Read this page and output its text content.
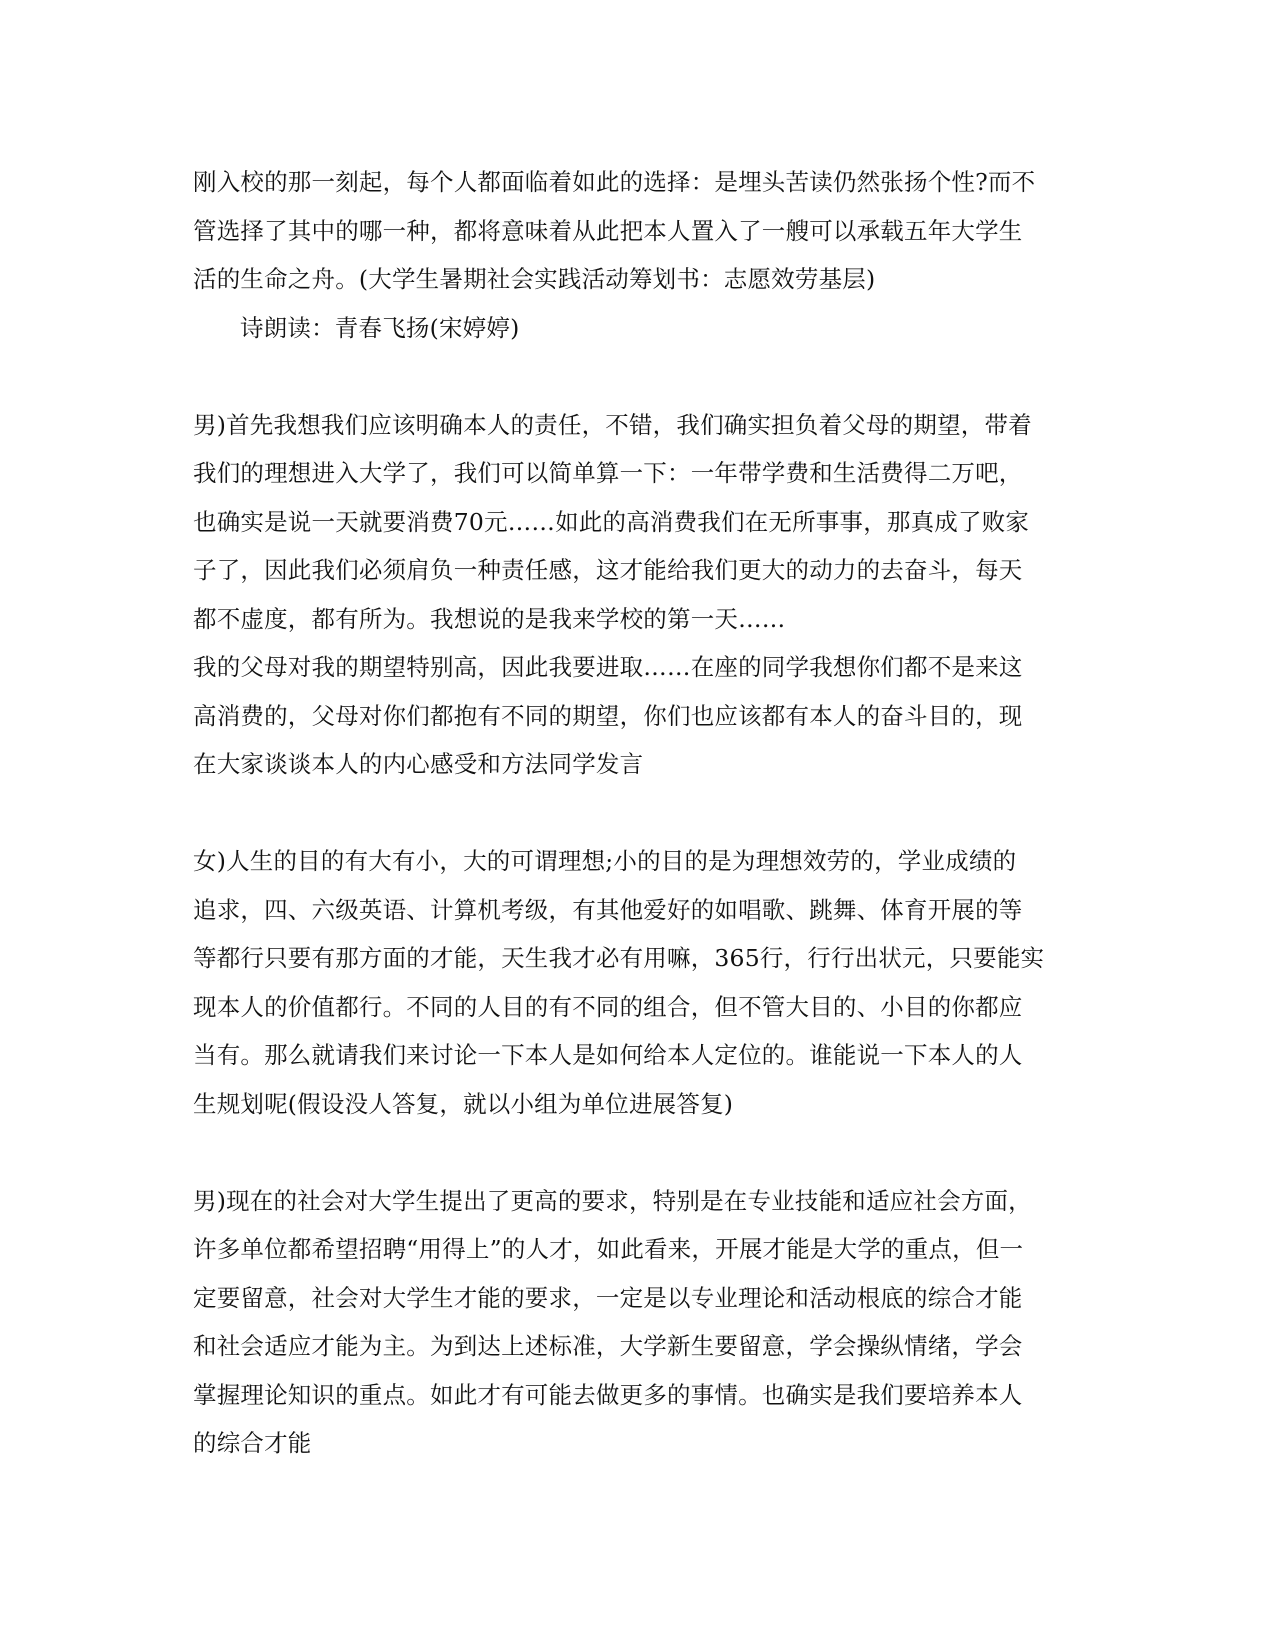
刚入校的那一刻起，每个人都面临着如此的选择：是埋头苦读仍然张扬个性?而不
管选择了其中的哪一种，都将意味着从此把本人置入了一艘可以承载五年大学生
活的生命之舟。(大学生暑期社会实践活动筹划书：志愿效劳基层)

诗朗读：青春飞扬(宋婷婷)

男)首先我想我们应该明确本人的责任，不错，我们确实担负着父母的期望，带着
我们的理想进入大学了，我们可以简单算一下：一年带学费和生活费得二万吧，
也确实是说一天就要消费70元……如此的高消费我们在无所事事，那真成了败家
子了，因此我们必须肩负一种责任感，这才能给我们更大的动力的去奋斗，每天
都不虚度，都有所为。我想说的是我来学校的第一天……
我的父母对我的期望特别高，因此我要进取……在座的同学我想你们都不是来这
高消费的，父母对你们都抱有不同的期望，你们也应该都有本人的奋斗目的，现
在大家谈谈本人的内心感受和方法同学发言

女)人生的目的有大有小，大的可谓理想;小的目的是为理想效劳的，学业成绩的
追求，四、六级英语、计算机考级，有其他爱好的如唱歌、跳舞、体育开展的等
等都行只要有那方面的才能，天生我才必有用嘛，365行，行行出状元，只要能实
现本人的价值都行。不同的人目的有不同的组合，但不管大目的、小目的你都应
当有。那么就请我们来讨论一下本人是如何给本人定位的。谁能说一下本人的人
生规划呢(假设没人答复，就以小组为单位进展答复)

男)现在的社会对大学生提出了更高的要求，特别是在专业技能和适应社会方面，
许多单位都希望招聘“用得上”的人才，如此看来，开展才能是大学的重点，但一
定要留意，社会对大学生才能的要求，一定是以专业理论和活动根底的综合才能
和社会适应才能为主。为到达上述标准，大学新生要留意，学会操纵情绪，学会
掌握理论知识的重点。如此才有可能去做更多的事情。也确实是我们要培养本人
的综合才能
